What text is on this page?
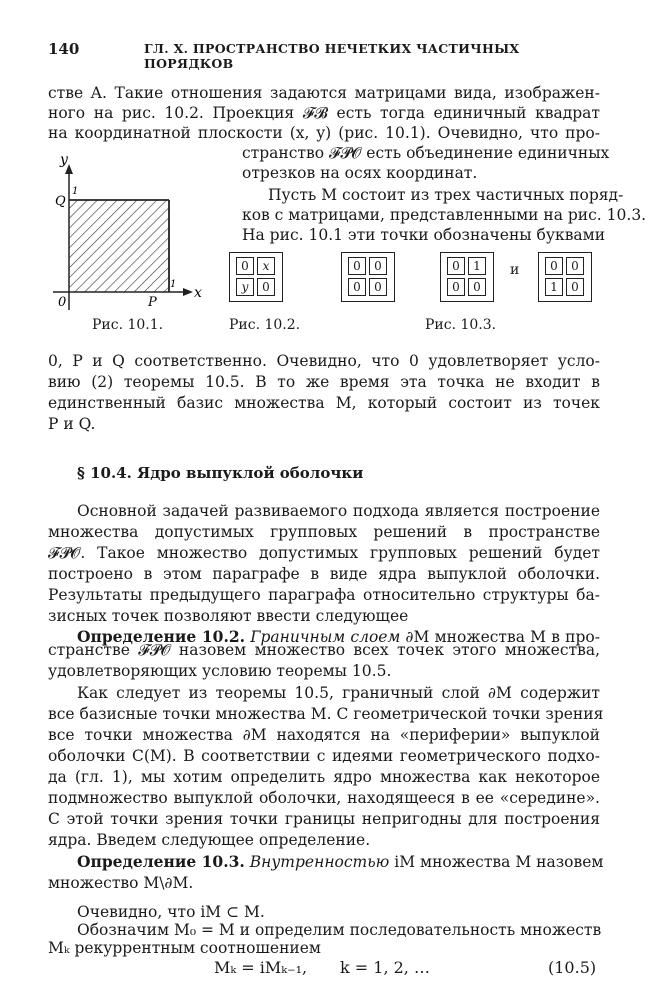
140	ГЛ. X. ПРОСТРАНСТВО НЕЧЕТКИХ ЧАСТИЧНЫХ ПОРЯДКОВ
стве A. Такие отношения задаются матрицами вида, изображен-
ного на рис. 10.2. Проекция 𝓕𝓑 есть тогда единичный квадрат
на координатной плоскости (x, y) (рис. 10.1). Очевидно, что про-
странство 𝓕𝓟𝓞 есть объединение единичных
отрезков на осях координат.
Пусть M состоит из трех частичных поряд-
ков с матрицами, представленными на рис. 10.3.
На рис. 10.1 эти точки обозначены буквами
y
x
Q
1
1
0	P
Рис. 10.1.
0	x
y	0
Рис. 10.2.
0	0
0	0
0	1
0	0
и	0	0
1	0
Рис. 10.3.
0, P и Q соответственно. Очевидно, что 0 удовлетворяет усло-
вию (2) теоремы 10.5. В то же время эта точка не входит в
единственный базис множества M, который состоит из точек
P и Q.
§ 10.4. Ядро выпуклой оболочки
Основной задачей развиваемого подхода является построение
множества допустимых групповых решений в пространстве
𝓕𝓟𝓞. Такое множество допустимых групповых решений будет
построено в этом параграфе в виде ядра выпуклой оболочки.
Результаты предыдущего параграфа относительно структуры ба-
зисных точек позволяют ввести следующее
Определение 10.2. Граничным слоем ∂M множества M в про-
странстве 𝓕𝓟𝓞 назовем множество всех точек этого множества,
удовлетворяющих условию теоремы 10.5.
Как следует из теоремы 10.5, граничный слой ∂M содержит
все базисные точки множества M. С геометрической точки зрения
все точки множества ∂M находятся на «периферии» выпуклой
оболочки C(M). В соответствии с идеями геометрического подхо-
да (гл. 1), мы хотим определить ядро множества как некоторое
подмножество выпуклой оболочки, находящееся в ее «середине».
С этой точки зрения точки границы непригодны для построения
ядра. Введем следующее определение.
Определение 10.3. Внутренностью iM множества M назовем
множество M\∂M.
Очевидно, что iM ⊂ M.
Обозначим M₀ = M и определим последовательность множеств
Mₖ рекуррентным соотношением
Mₖ = iMₖ₋₁, k = 1, 2, …	(10.5)
